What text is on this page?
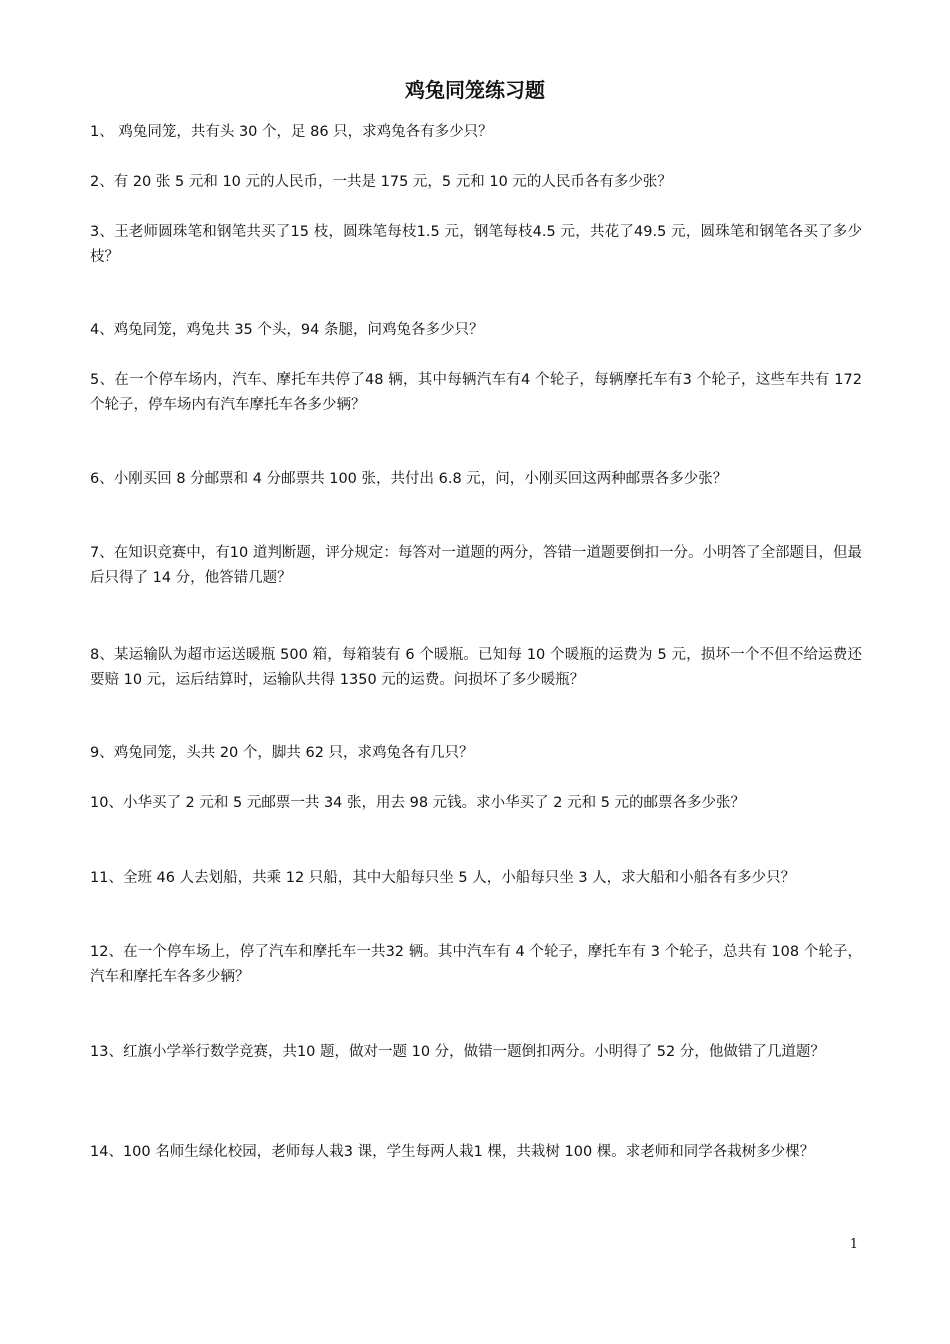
鸡兔同笼练习题

1、 鸡兔同笼，共有头 30 个，足 86 只，求鸡兔各有多少只？

2、有 20 张 5 元和 10 元的人民币，一共是 175 元，5 元和 10 元的人民币各有多少张？

3、王老师圆珠笔和钢笔共买了15 枝，圆珠笔每枝1.5 元，钢笔每枝4.5 元，共花了49.5 元，圆珠笔和钢笔各买了多少枝？

4、鸡兔同笼，鸡兔共 35 个头，94 条腿，问鸡兔各多少只？

5、在一个停车场内，汽车、摩托车共停了48 辆，其中每辆汽车有4 个轮子，每辆摩托车有3 个轮子，这些车共有 172 个轮子，停车场内有汽车摩托车各多少辆？

6、小刚买回 8 分邮票和 4 分邮票共 100 张，共付出 6.8 元，问，小刚买回这两种邮票各多少张？

7、在知识竞赛中，有10 道判断题，评分规定：每答对一道题的两分，答错一道题要倒扣一分。小明答了全部题目，但最后只得了 14 分，他答错几题？

8、某运输队为超市运送暖瓶 500 箱，每箱装有 6 个暖瓶。已知每 10 个暖瓶的运费为 5 元，损坏一个不但不给运费还要赔 10 元，运后结算时，运输队共得 1350 元的运费。问损坏了多少暖瓶？

9、鸡兔同笼，头共 20 个，脚共 62 只，求鸡兔各有几只？

10、小华买了 2 元和 5 元邮票一共 34 张，用去 98 元钱。求小华买了 2 元和 5 元的邮票各多少张？

11、全班 46 人去划船，共乘 12 只船，其中大船每只坐 5 人，小船每只坐 3 人，求大船和小船各有多少只？

12、在一个停车场上，停了汽车和摩托车一共32 辆。其中汽车有 4 个轮子，摩托车有 3 个轮子，总共有 108 个轮子，汽车和摩托车各多少辆？

13、红旗小学举行数学竞赛，共10 题，做对一题 10 分，做错一题倒扣两分。小明得了 52 分，他做错了几道题？

14、100 名师生绿化校园，老师每人栽3 课，学生每两人栽1 棵，共栽树 100 棵。求老师和同学各栽树多少棵？

1
